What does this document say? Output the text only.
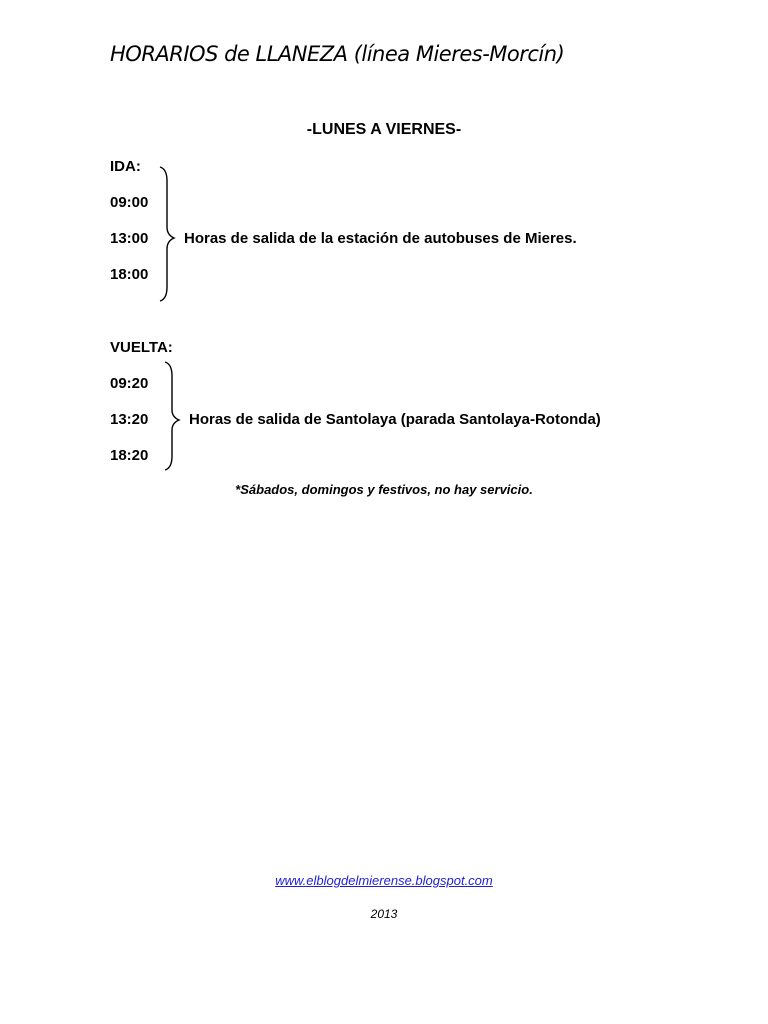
HORARIOS de LLANEZA (línea Mieres-Morcín)
-LUNES A VIERNES-
IDA:
09:00
13:00
18:00
Horas de salida de la estación de autobuses de Mieres.
VUELTA:
09:20
13:20
18:20
Horas de salida de Santolaya (parada Santolaya-Rotonda)
*Sábados, domingos y festivos, no hay servicio.
www.elblogdelmierense.blogspot.com
2013
